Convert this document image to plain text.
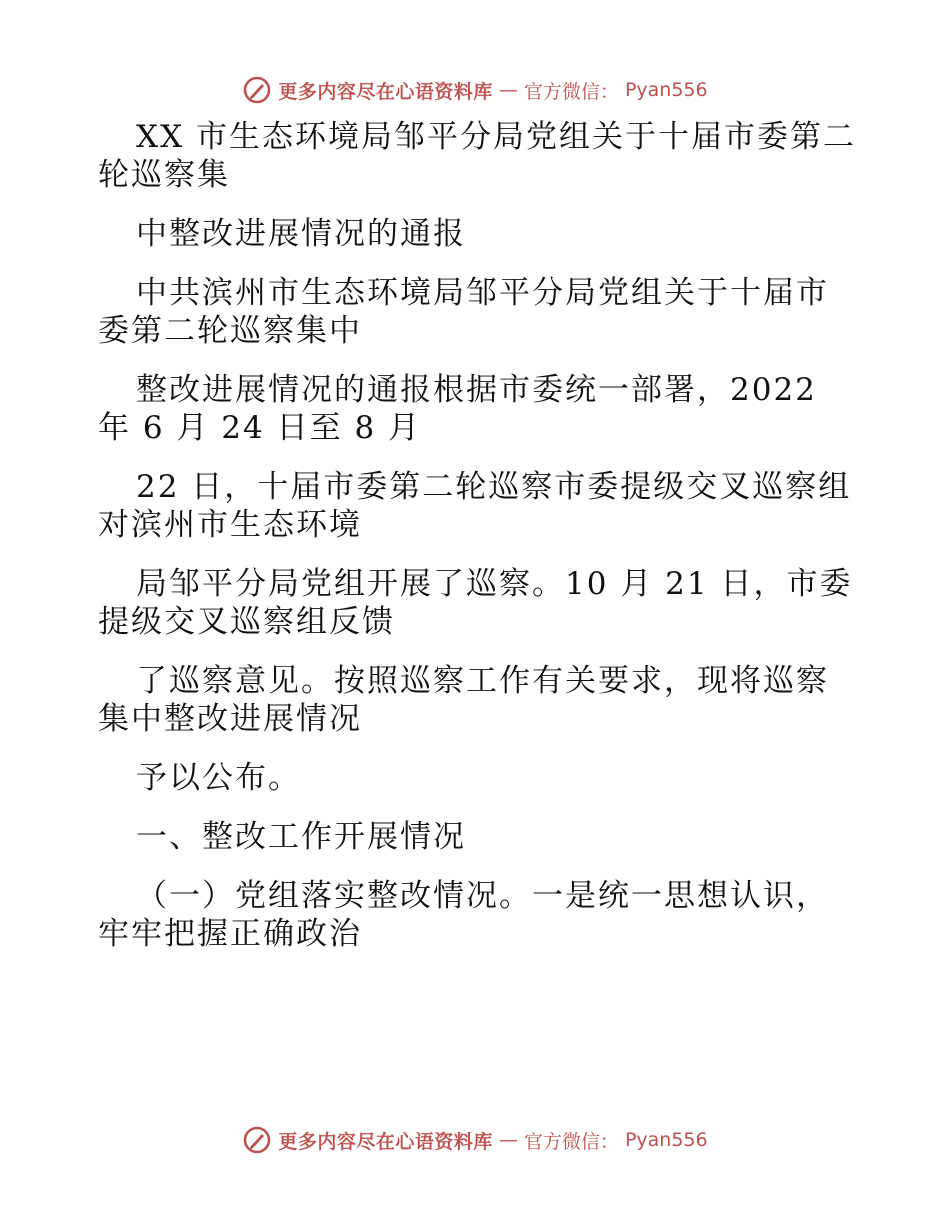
更多内容尽在心语资料库 — 官方微信： Pyan556

XX 市生态环境局邹平分局党组关于十届市委第二轮巡察集

中整改进展情况的通报

中共滨州市生态环境局邹平分局党组关于十届市委第二轮巡察集中

整改进展情况的通报根据市委统一部署，2022 年 6 月 24 日至 8 月

22 日，十届市委第二轮巡察市委提级交叉巡察组对滨州市生态环境

局邹平分局党组开展了巡察。10 月 21 日，市委提级交叉巡察组反馈

了巡察意见。按照巡察工作有关要求，现将巡察集中整改进展情况

予以公布。

一、整改工作开展情况

（一）党组落实整改情况。一是统一思想认识，牢牢把握正确政治

更多内容尽在心语资料库 — 官方微信： Pyan556
